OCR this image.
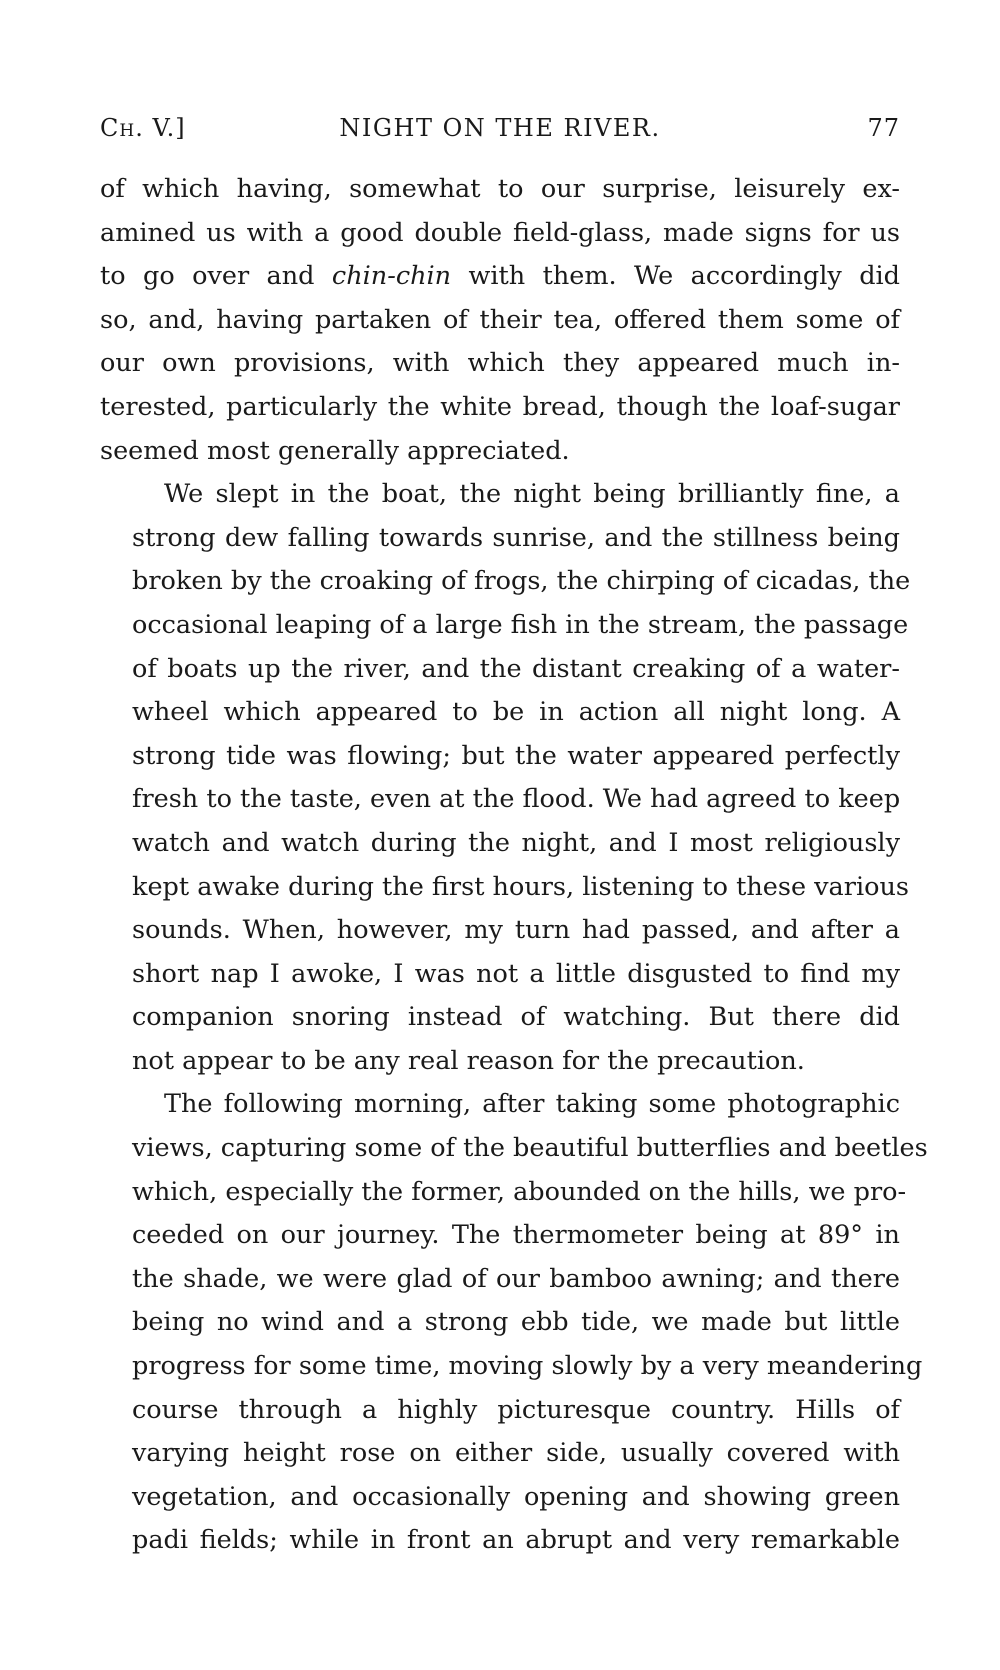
Ch. V.]	NIGHT ON THE RIVER.	77
of which having, somewhat to our surprise, leisurely ex-
amined us with a good double field-glass, made signs for us
to go over and chin-chin with them. We accordingly did
so, and, having partaken of their tea, offered them some of
our own provisions, with which they appeared much in-
terested, particularly the white bread, though the loaf-sugar
seemed most generally appreciated.
We slept in the boat, the night being brilliantly fine, a
strong dew falling towards sunrise, and the stillness being
broken by the croaking of frogs, the chirping of cicadas, the
occasional leaping of a large fish in the stream, the passage
of boats up the river, and the distant creaking of a water-
wheel which appeared to be in action all night long. A
strong tide was flowing; but the water appeared perfectly
fresh to the taste, even at the flood. We had agreed to keep
watch and watch during the night, and I most religiously
kept awake during the first hours, listening to these various
sounds. When, however, my turn had passed, and after a
short nap I awoke, I was not a little disgusted to find my
companion snoring instead of watching. But there did
not appear to be any real reason for the precaution.
The following morning, after taking some photographic
views, capturing some of the beautiful butterflies and beetles
which, especially the former, abounded on the hills, we pro-
ceeded on our journey. The thermometer being at 89° in
the shade, we were glad of our bamboo awning; and there
being no wind and a strong ebb tide, we made but little
progress for some time, moving slowly by a very meandering
course through a highly picturesque country. Hills of
varying height rose on either side, usually covered with
vegetation, and occasionally opening and showing green
padi fields; while in front an abrupt and very remarkable
